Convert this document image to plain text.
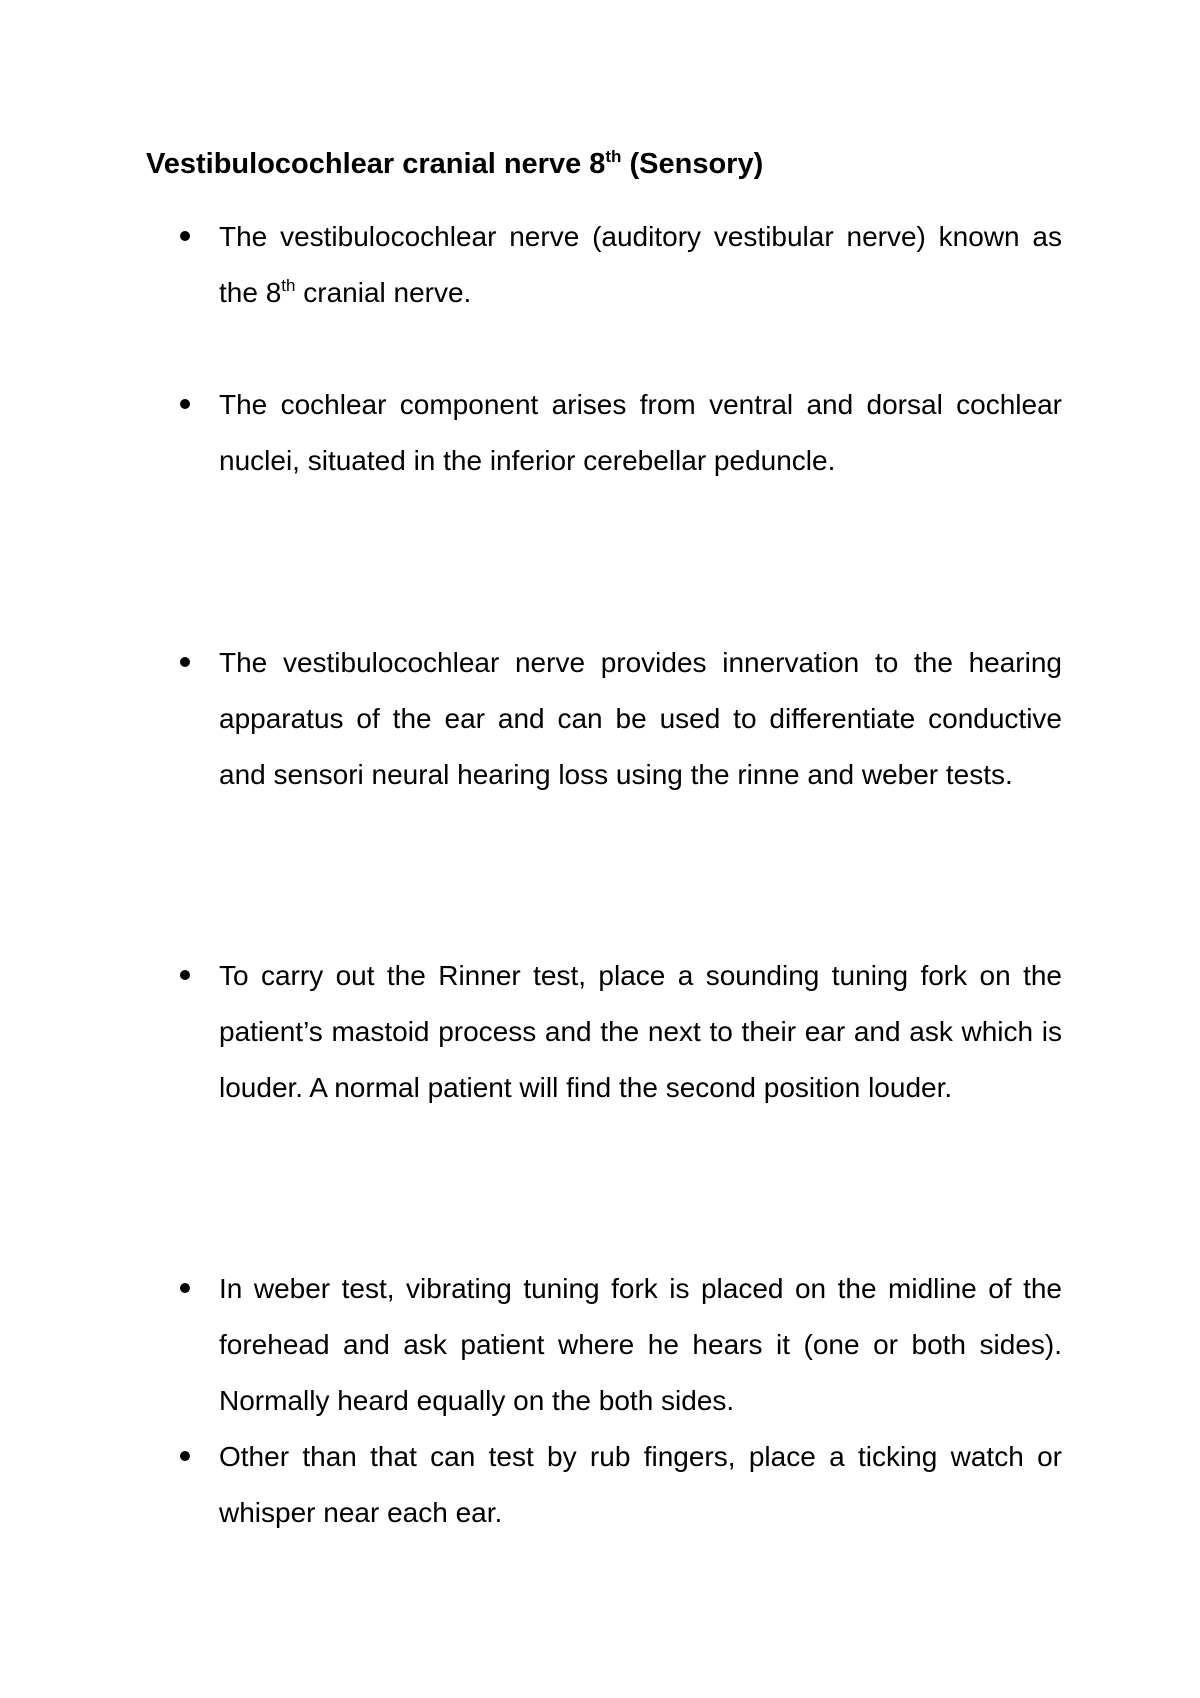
Vestibulocochlear cranial nerve 8th (Sensory)
The vestibulocochlear nerve (auditory vestibular nerve) known as the 8th cranial nerve.
The cochlear component arises from ventral and dorsal cochlear nuclei, situated in the inferior cerebellar peduncle.
The vestibulocochlear nerve provides innervation to the hearing apparatus of the ear and can be used to differentiate conductive and sensori neural hearing loss using the rinne and weber tests.
To carry out the Rinner test, place a sounding tuning fork on the patient’s mastoid process and the next to their ear and ask which is louder. A normal patient will find the second position louder.
In weber test, vibrating tuning fork is placed on the midline of the forehead and ask patient where he hears it (one or both sides). Normally heard equally on the both sides.
Other than that can test by rub fingers, place a ticking watch or whisper near each ear.
